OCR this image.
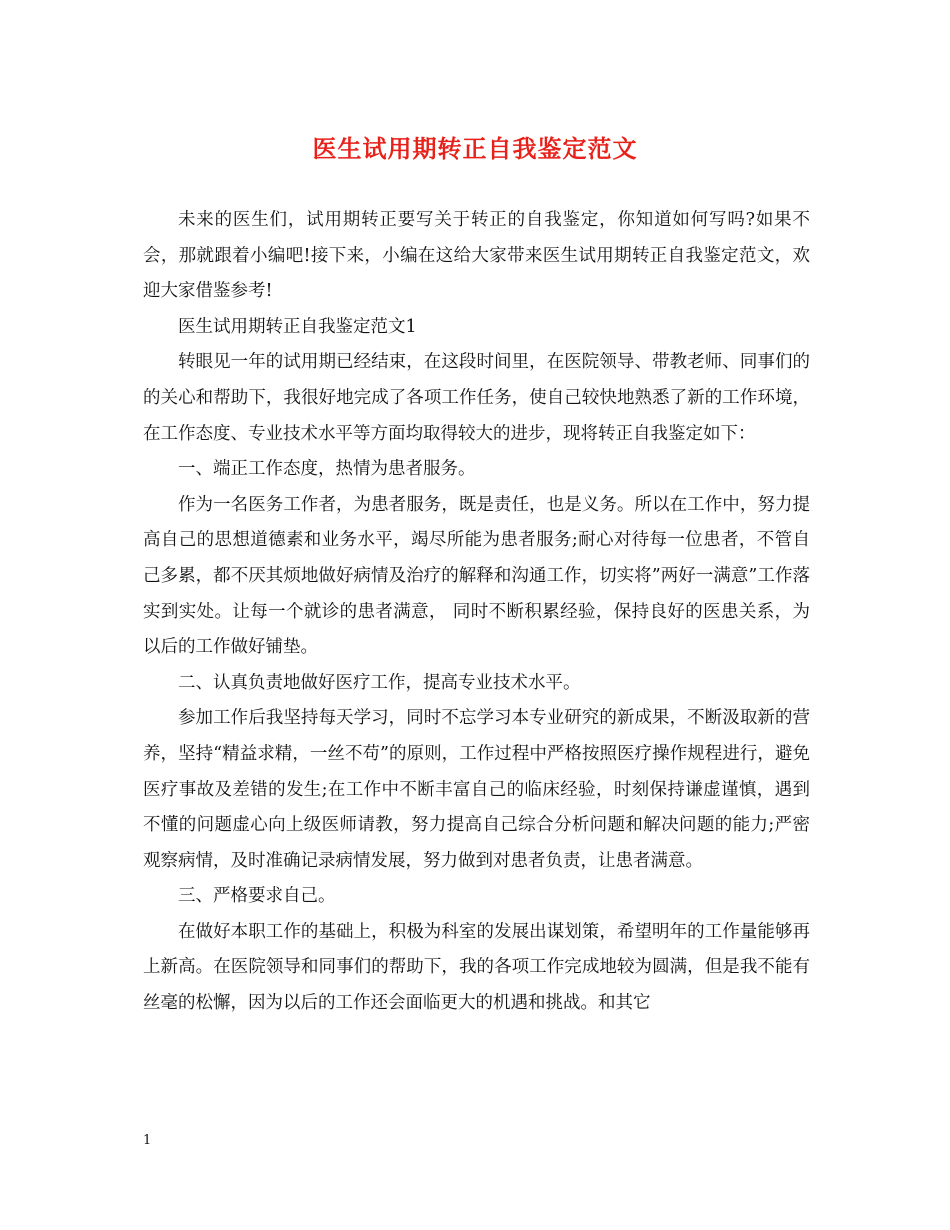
医生试用期转正自我鉴定范文

未来的医生们，试用期转正要写关于转正的自我鉴定，你知道如何写吗?如果不会，那就跟着小编吧!接下来，小编在这给大家带来医生试用期转正自我鉴定范文，欢迎大家借鉴参考!

医生试用期转正自我鉴定范文1

转眼见一年的试用期已经结束，在这段时间里，在医院领导、带教老师、同事们的的关心和帮助下，我很好地完成了各项工作任务，使自己较快地熟悉了新的工作环境，在工作态度、专业技术水平等方面均取得较大的进步，现将转正自我鉴定如下：

一、端正工作态度，热情为患者服务。

作为一名医务工作者，为患者服务，既是责任，也是义务。所以在工作中，努力提高自己的思想道德素和业务水平，竭尽所能为患者服务;耐心对待每一位患者，不管自己多累，都不厌其烦地做好病情及治疗的解释和沟通工作，切实将”两好一满意”工作落实到实处。让每一个就诊的患者满意， 同时不断积累经验，保持良好的医患关系，为以后的工作做好铺垫。

二、认真负责地做好医疗工作，提高专业技术水平。

参加工作后我坚持每天学习，同时不忘学习本专业研究的新成果，不断汲取新的营养，坚持“精益求精，一丝不苟”的原则，工作过程中严格按照医疗操作规程进行，避免医疗事故及差错的发生;在工作中不断丰富自己的临床经验，时刻保持谦虚谨慎，遇到不懂的问题虚心向上级医师请教，努力提高自己综合分析问题和解决问题的能力;严密观察病情，及时准确记录病情发展，努力做到对患者负责，让患者满意。

三、严格要求自己。

在做好本职工作的基础上，积极为科室的发展出谋划策，希望明年的工作量能够再上新高。在医院领导和同事们的帮助下，我的各项工作完成地较为圆满，但是我不能有丝毫的松懈，因为以后的工作还会面临更大的机遇和挑战。和其它

1
